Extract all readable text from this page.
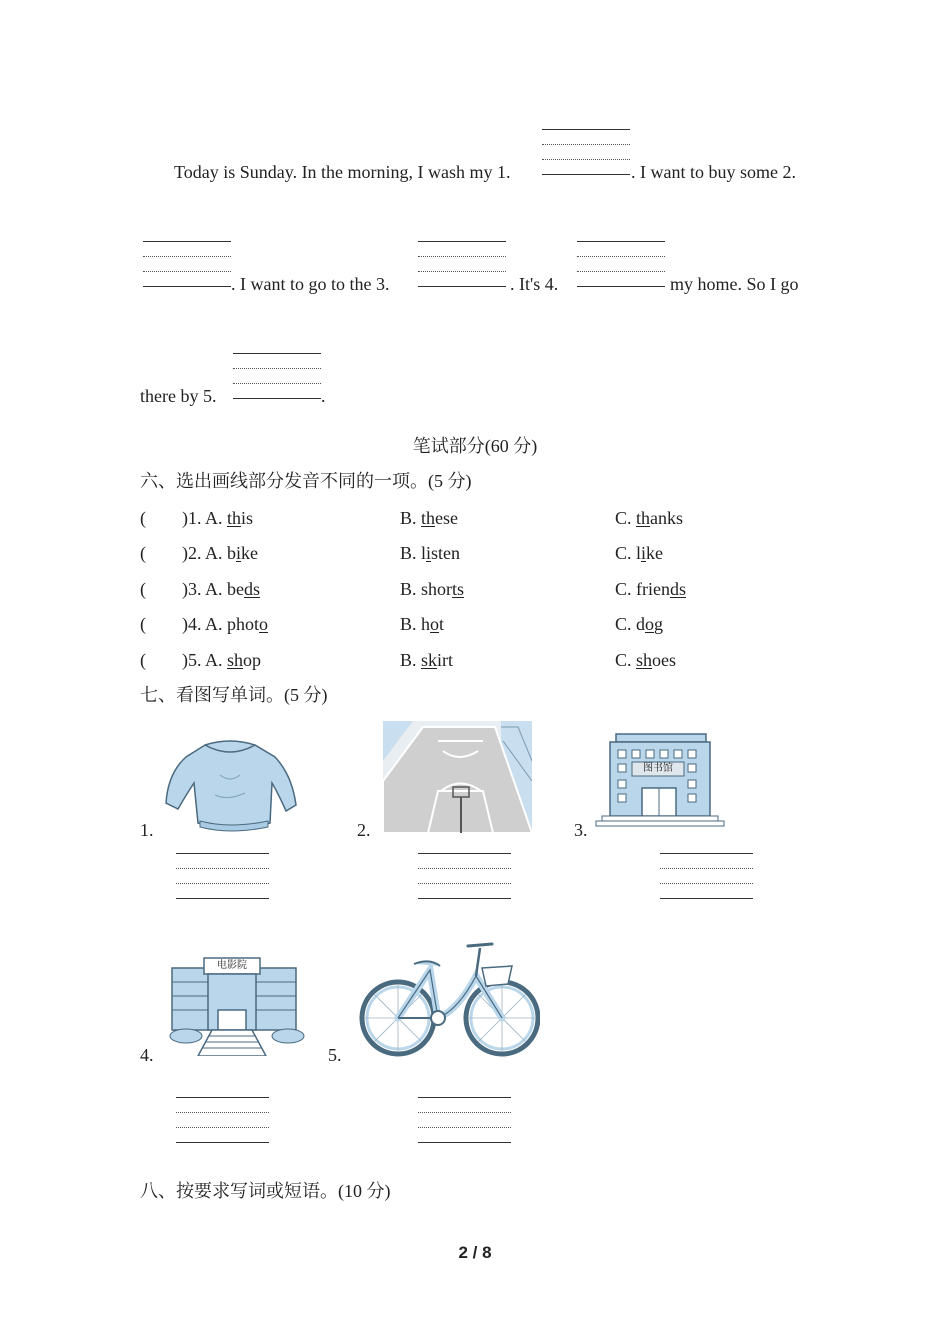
Today is Sunday. In the morning, I wash my 1.	. I want to buy some 2.
. I want to go to the 3.	. It's 4.	my home. So I go
there by 5.	.
笔试部分(60 分)
六、选出画线部分发音不同的一项。(5 分)
( )1. A. this	B. these	C. thanks
( )2. A. bike	B. listen	C. like
( )3. A. beds	B. shorts	C. friends
( )4. A. photo	B. hot	C. dog
( )5. A. shop	B. skirt	C. shoes
七、看图写单词。(5 分)
1.	2.	3.
图书馆
4.
电影院
5.
八、按要求写词或短语。(10 分)
2 / 8
